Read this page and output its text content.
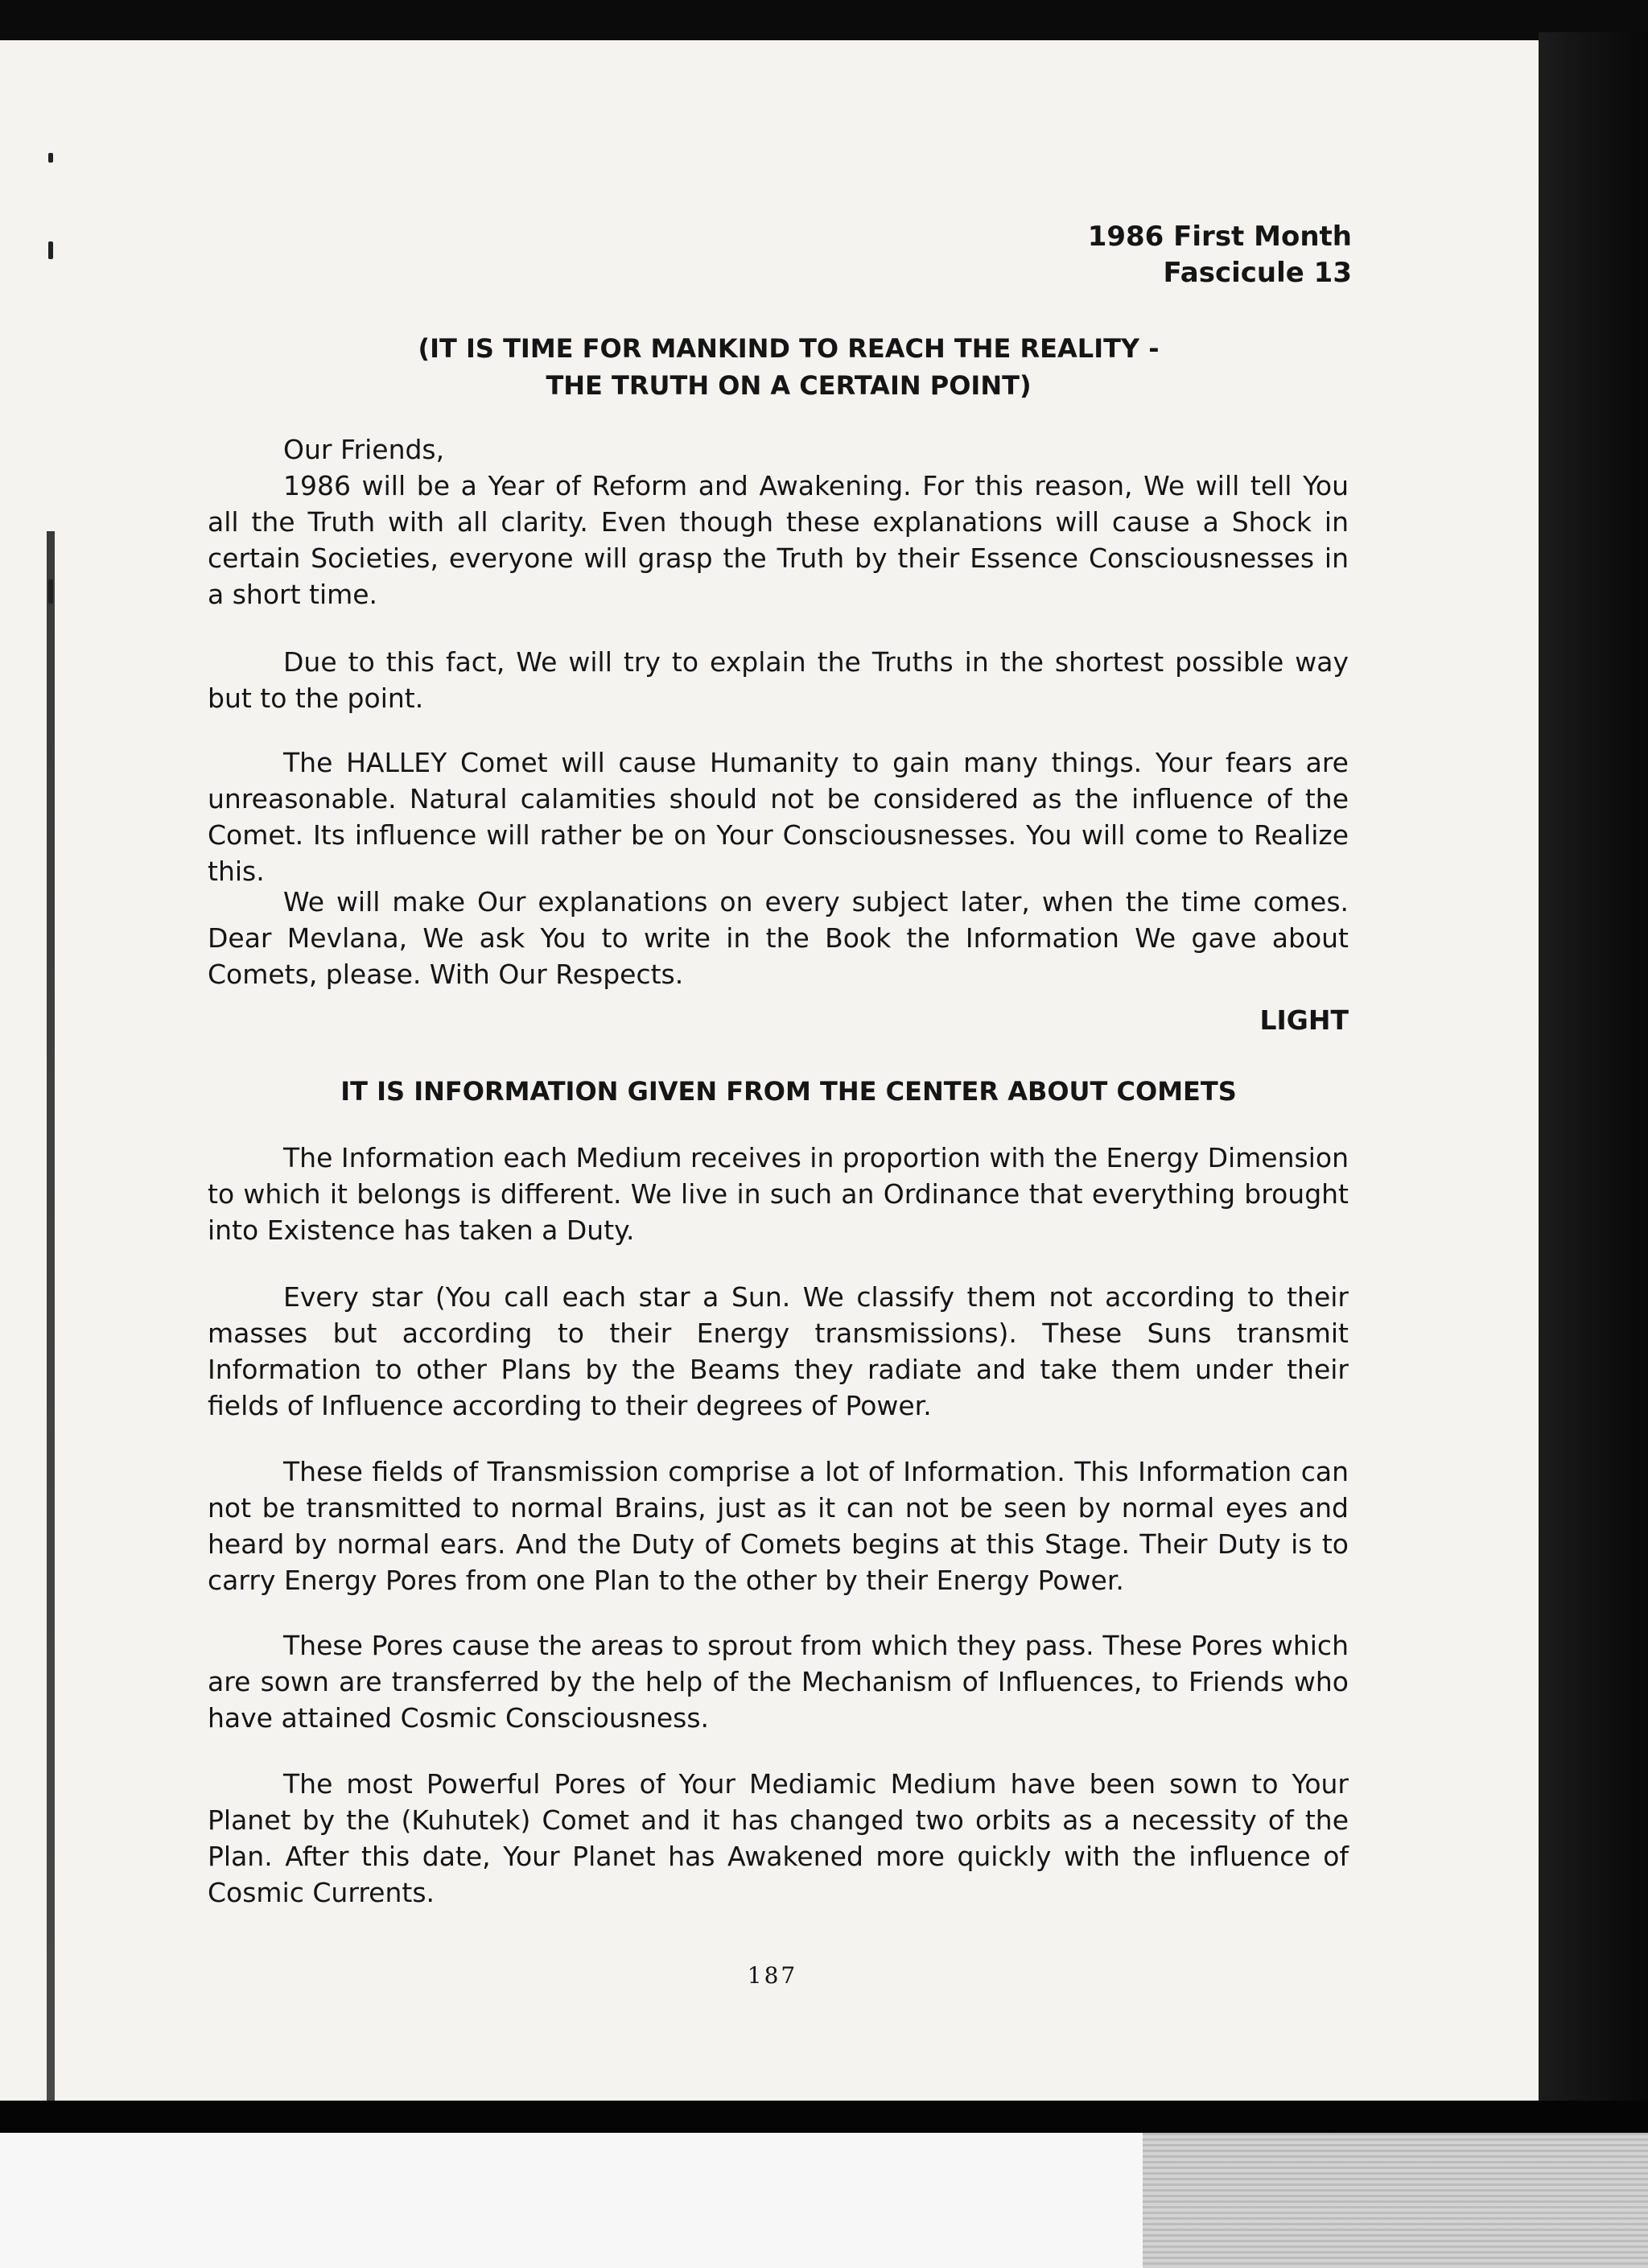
1986 First Month
Fascicule 13
(IT IS TIME FOR MANKIND TO REACH THE REALITY -
THE TRUTH ON A CERTAIN POINT)
Our Friends,
1986 will be a Year of Reform and Awakening. For this reason, We will tell You all the Truth with all clarity. Even though these explanations will cause a Shock in certain Societies, everyone will grasp the Truth by their Essence Consciousnesses in a short time.
Due to this fact, We will try to explain the Truths in the shortest possible way but to the point.
The HALLEY Comet will cause Humanity to gain many things. Your fears are unreasonable. Natural calamities should not be considered as the influence of the Comet. Its influence will rather be on Your Consciousnesses. You will come to Realize this.
We will make Our explanations on every subject later, when the time comes. Dear Mevlana, We ask You to write in the Book the Information We gave about Comets, please. With Our Respects.
LIGHT
IT IS INFORMATION GIVEN FROM THE CENTER ABOUT COMETS
The Information each Medium receives in proportion with the Energy Dimension to which it belongs is different. We live in such an Ordinance that everything brought into Existence has taken a Duty.
Every star (You call each star a Sun. We classify them not according to their masses but according to their Energy transmissions). These Suns transmit Information to other Plans by the Beams they radiate and take them under their fields of Influence according to their degrees of Power.
These fields of Transmission comprise a lot of Information. This Information can not be transmitted to normal Brains, just as it can not be seen by normal eyes and heard by normal ears. And the Duty of Comets begins at this Stage. Their Duty is to carry Energy Pores from one Plan to the other by their Energy Power.
These Pores cause the areas to sprout from which they pass. These Pores which are sown are transferred by the help of the Mechanism of Influences, to Friends who have attained Cosmic Consciousness.
The most Powerful Pores of Your Mediamic Medium have been sown to Your Planet by the (Kuhutek) Comet and it has changed two orbits as a necessity of the Plan. After this date, Your Planet has Awakened more quickly with the influence of Cosmic Currents.
187
